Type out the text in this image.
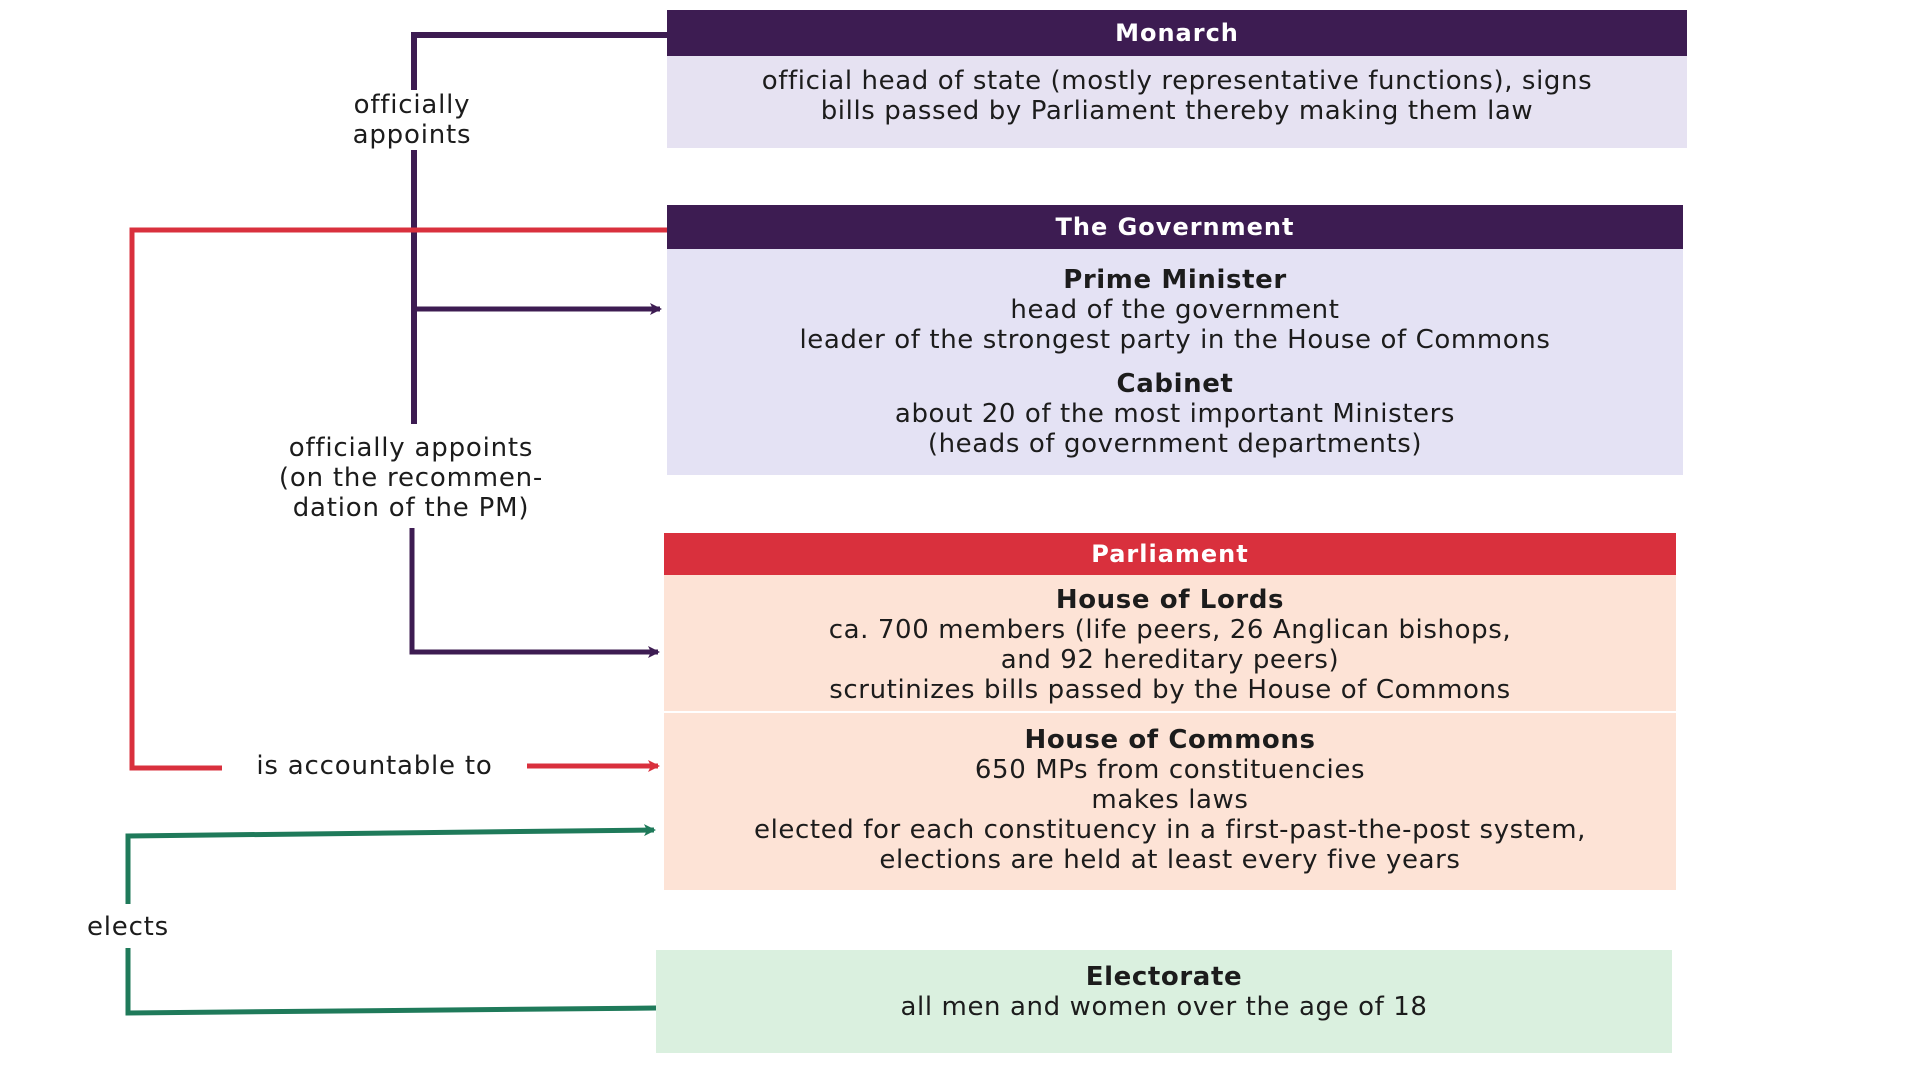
officially
appoints
officially appoints
(on the recommen-
dation of the PM)
is accountable to
elects
Monarch
official head of state (mostly representative functions), signs
bills passed by Parliament thereby making them law
The Government
Prime Minister
head of the government
leader of the strongest party in the House of Commons
Cabinet
about 20 of the most important Ministers
(heads of government departments)
Parliament
House of Lords
ca. 700 members (life peers, 26 Anglican bishops,
and 92 hereditary peers)
scrutinizes bills passed by the House of Commons
House of Commons
650 MPs from constituencies
makes laws
elected for each constituency in a first-past-the-post system,
elections are held at least every five years
Electorate
all men and women over the age of 18
